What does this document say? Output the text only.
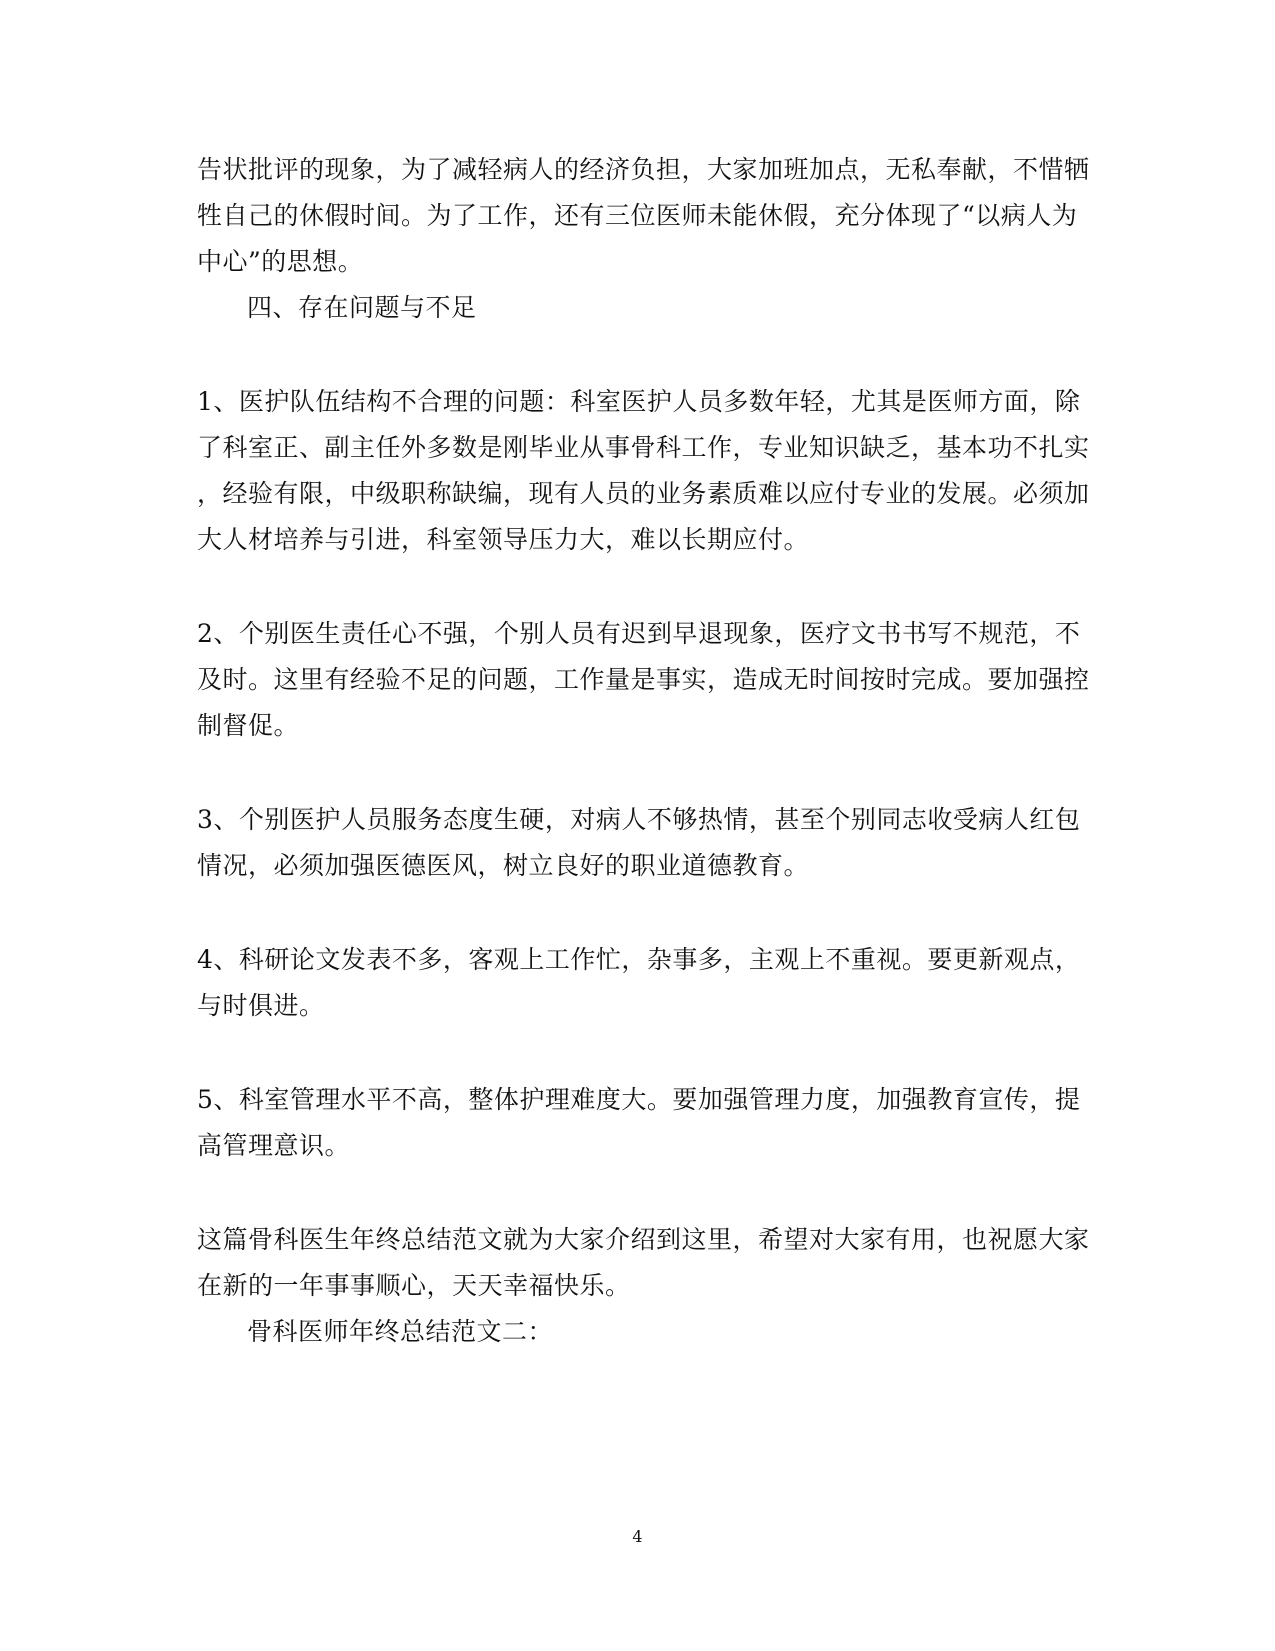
告状批评的现象，为了减轻病人的经济负担，大家加班加点，无私奉献，不惜牺
牲自己的休假时间。为了工作，还有三位医师未能休假，充分体现了“以病人为
中心”的思想。
四、存在问题与不足
1、医护队伍结构不合理的问题：科室医护人员多数年轻，尤其是医师方面，除
了科室正、副主任外多数是刚毕业从事骨科工作，专业知识缺乏，基本功不扎实
，经验有限，中级职称缺编，现有人员的业务素质难以应付专业的发展。必须加
大人材培养与引进，科室领导压力大，难以长期应付。
2、个别医生责任心不强，个别人员有迟到早退现象，医疗文书书写不规范，不
及时。这里有经验不足的问题，工作量是事实，造成无时间按时完成。要加强控
制督促。
3、个别医护人员服务态度生硬，对病人不够热情，甚至个别同志收受病人红包
情况，必须加强医德医风，树立良好的职业道德教育。
4、科研论文发表不多，客观上工作忙，杂事多，主观上不重视。要更新观点，
与时俱进。
5、科室管理水平不高，整体护理难度大。要加强管理力度，加强教育宣传，提
高管理意识。
这篇骨科医生年终总结范文就为大家介绍到这里，希望对大家有用，也祝愿大家
在新的一年事事顺心，天天幸福快乐。
骨科医师年终总结范文二：
4
